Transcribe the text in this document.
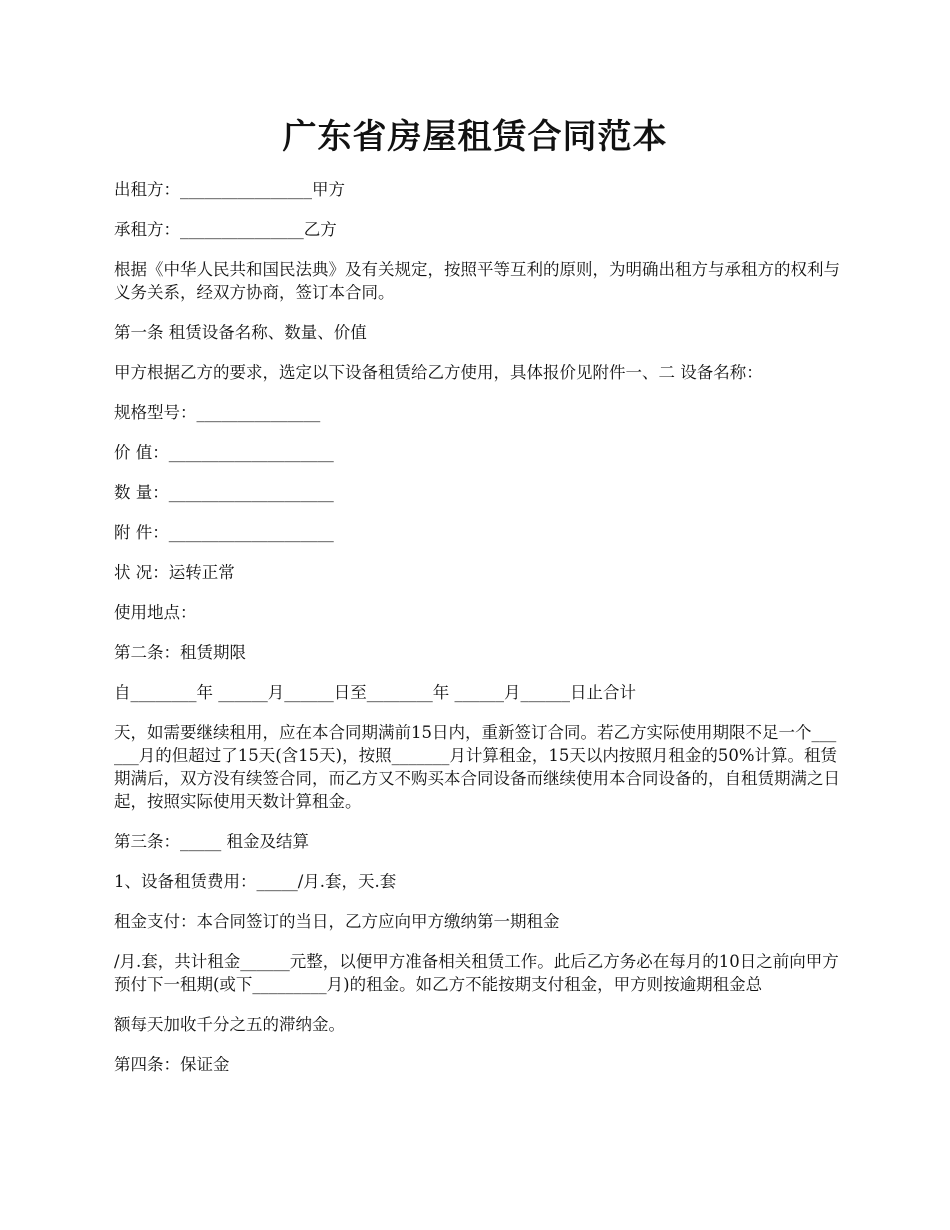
广东省房屋租赁合同范本

出租方：________________甲方

承租方：_______________乙方

根据《中华人民共和国民法典》及有关规定，按照平等互利的原则，为明确出租方与承租方的权利与义务关系，经双方协商，签订本合同。

第一条 租赁设备名称、数量、价值

甲方根据乙方的要求，选定以下设备租赁给乙方使用，具体报价见附件一、二 设备名称：

规格型号：_______________

价 值：____________________

数 量：____________________

附 件：____________________

状 况：运转正常

使用地点：

第二条：租赁期限

自________年 ______月______日至________年 ______月______日止合计

天，如需要继续租用，应在本合同期满前15日内，重新签订合同。若乙方实际使用期限不足一个______月的但超过了15天(含15天)，按照_______月计算租金，15天以内按照月租金的50%计算。租赁期满后，双方没有续签合同，而乙方又不购买本合同设备而继续使用本合同设备的，自租赁期满之日起，按照实际使用天数计算租金。

第三条：_____ 租金及结算

1、设备租赁费用：_____/月.套，天.套

租金支付：本合同签订的当日，乙方应向甲方缴纳第一期租金

/月.套，共计租金______元整，以便甲方准备相关租赁工作。此后乙方务必在每月的10日之前向甲方预付下一租期(或下_________月)的租金。如乙方不能按期支付租金，甲方则按逾期租金总

额每天加收千分之五的滞纳金。

第四条：保证金
